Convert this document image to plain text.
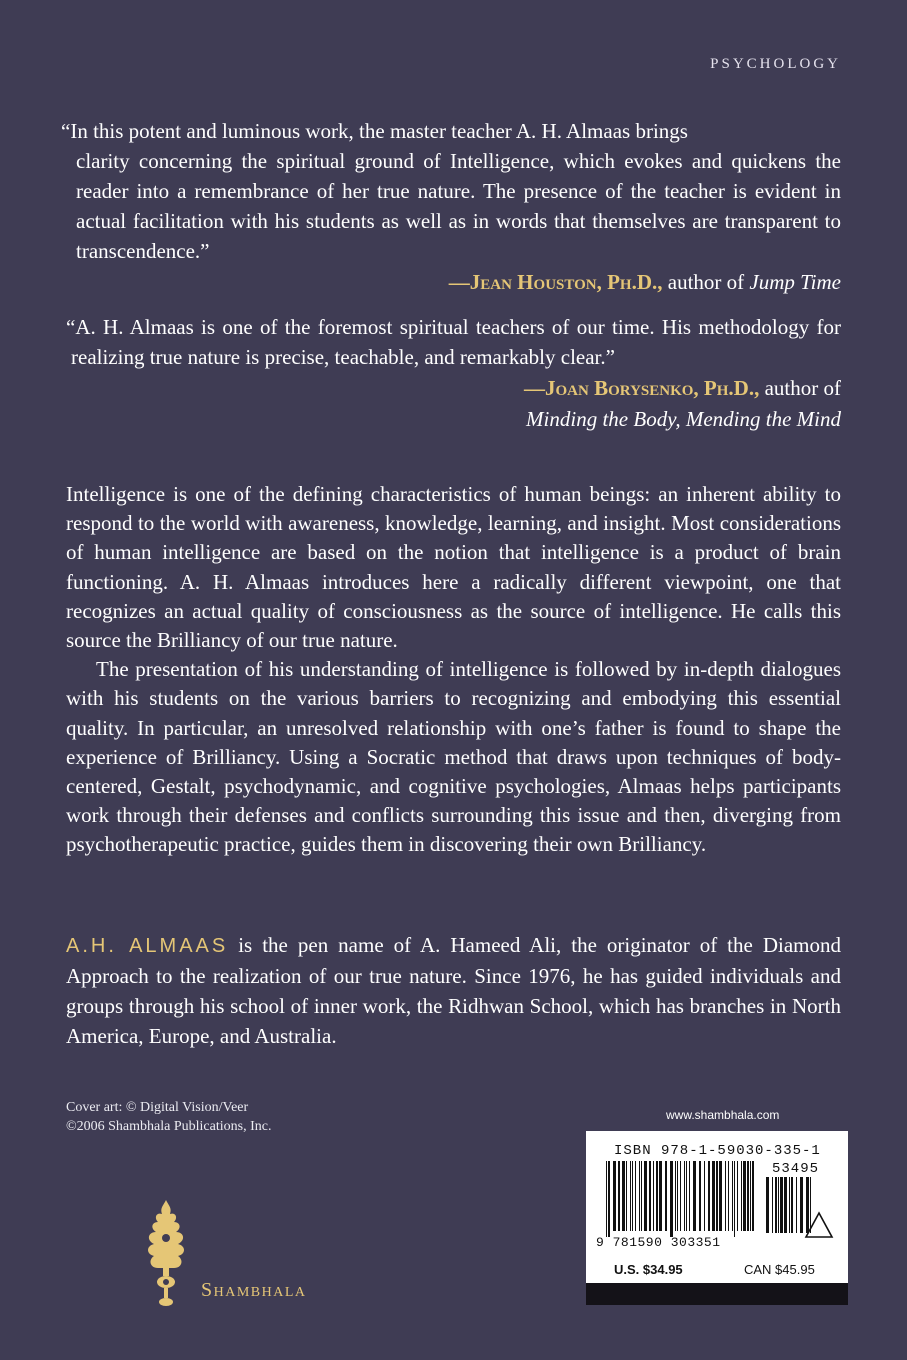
PSYCHOLOGY
“In this potent and luminous work, the master teacher A. H. Almaas brings
clarity concerning the spiritual ground of Intelligence, which evokes and quickens the reader into a remembrance of her true nature. The presence of the teacher is evident in actual facilitation with his students as well as in words that themselves are transparent to transcendence.”
—Jean Houston, Ph.D., author of Jump Time
“A. H. Almaas is one of the foremost spiritual teachers of our time. His methodology for realizing true nature is precise, teachable, and remarkably clear.”
—Joan Borysenko, Ph.D., author of
Minding the Body, Mending the Mind

Intelligence is one of the defining characteristics of human beings: an inherent ability to respond to the world with awareness, knowledge, learning, and insight. Most considerations of human intelligence are based on the notion that intelligence is a product of brain functioning. A. H. Almaas introduces here a radically different viewpoint, one that recognizes an actual quality of consciousness as the source of intelligence. He calls this source the Brilliancy of our true nature.

The presentation of his understanding of intelligence is followed by in-depth dialogues with his students on the various barriers to recognizing and embodying this essential quality. In particular, an unresolved relationship with one’s father is found to shape the experience of Brilliancy. Using a Socratic method that draws upon techniques of body-centered, Gestalt, psychodynamic, and cognitive psychologies, Almaas helps participants work through their defenses and conflicts surrounding this issue and then, diverging from psychotherapeutic practice, guides them in discovering their own Brilliancy.

A.H. ALMAAS is the pen name of A. Hameed Ali, the originator of the Diamond Approach to the realization of our true nature. Since 1976, he has guided individuals and groups through his school of inner work, the Ridhwan School, which has branches in North America, Europe, and Australia.
Cover art: © Digital Vision/Veer
©2006 Shambhala Publications, Inc.
www.shambhala.com
ISBN 978-1-59030-335-1
53495
9 781590 303351
U.S. $34.95	CAN $45.95
Shambhala
